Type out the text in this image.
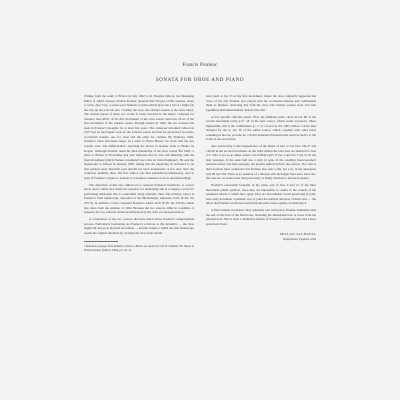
Francis Poulenc
SONATA FOR OBOE AND PIANO

Writing from the south of France in July 1962 to R. Douglas Gibson, the Managing Editor of J.&W. Chester, Francis Poulenc reported that 'I'm just a trifle anxious, about to write, dare I say, a sonata pour hautbois et piano which gives me a bit of a fright (on the way up the pole I'm also 'cooking' the oboe and clarinet sonatas at the same time)'. The desired pieces of these two works is easily detected in the music: company for instance, here #8.51 of the first movement of the oboe sonata with bars 18-41 of the first movement of the clarinet sonata. Though written in 1962, the two sonatas had been in Poulenc's thoughts for at least five years. The composer informed Gibson in 1957 that he had begun work on the bassoon sonata and that he envisioned two more woodwind sonatas, one for oboe and the other for clarinet. By February 1962, Poulenc's ideas had taken shape. In a letter to Pierre Bernac, he wrote that the two sonatas were 'très différenciées', depicting the places in another letter to Benno its Kogan: 'Although Poulenc dated the final manuscript of the oboe sonata 'Été 1962', a letter to Bernac in November that year indicates that he was still tinkering with the final movement (which Poulenc considered 'one come de chant liturgique'). He sent the manuscript to Gibson in January 1963, asking that the engraving be entrusted to 'an first greatest away musicien pour devenir les notes dorénavant'. A few days later, the composer suddenly died. The first edition was thus published posthumously, and, in spite of Poulenc's request to Gibson, it contained a number of errors and misreadings.

The objectives of this new edition are to reassess Poulenc's intentions, to correct errors and to refine and clarify the notation, for underlying aim is to supply a score for performing musicians that is constrained along scholarly lines. The primary source is Poulenc's final manuscript, deposited at the Bibliothèque nationale, Paris (F-Pn: ms 23573). In addition, I have consulted Poulenc's earlier draft (F-Pn: ms 23574), which also dates from the summer of 1962. Because the two sources differ in a number of respects, the few editorial decisions influenced by the draft are discussed below.

A comparison of the two sources discloses much about Poulenc's compositional process. Particularly fascinating are Poulenc's revisions to the dynamics — the oboe begins mf and pp in the final movement — and the extent to which the later manuscript assists the original intention by carrying the oboe from certain

¹ Reference passages from Poulenc's letters to Bernac are quoted in Carl B. Schmidt, The Music of Francis Poulenc (Oxford, 1995), pp. 511-12.

bars (such as bar 25 in the first movement, where the oboe originally supported the voice of bar 20). Poulenc also played with the woodwind textures and commanded them to flutterer, observing that both the oboe and clarinet sonatas were 'très loin (qualifiés) instrumentalement. Pensez très clair'.

A few specific editorial points. First, the fishhand piano chord in bar 68 of the second movement reads g'-d'', a#' in the later source, which seems erroneous. More implausible still is the combination g', c'' of octaval in the 1963 edition. I have thus changed for the g', a#', f#' of the earlier source, which, together with other notes sounding in the bar, provide for a B-flat dominant thirteenth that resolves neatly to the E-flat in the second bar.

Also noteworthy is the reappearance of the music of bars 2-3 in bars 136-37 and 140-46 in the second movement. In the 1963 edition the later bars are identical to bars 2-3. This is not so in either source: the lefthand g#'s of bar 2 and bar 3 are b's in the later passages. It the same half has a sixty in spite of the resulting 'unaccustomed' between earlier and later passages, the present edition follows the sources. Not only is their notation have connected, but Poulenc also uses a-flat, not a b), in the analogous bars 89 and 182. There is no question of a misstep with the ledger lines here, since the-flat tone are on notes lower than previously, is firmly attached to the harsh texture.

Poulenc's reasonable footprint in the piano part of bars 9 and 15 of the third movement (small symbols, since they are impossible to realize in the context of the sustained chords to which they apply. They are nevertheless worth preserving in print, since they document a pianistic way to point the musical direction of these bars — the effect that Poulenc would have heard had the piano been capable of achieving it.

A final remark on phrases: they ordinarily end with notes; Poulenc habitually ends the slur on the first of the final notes, including the subsequent note or notes from the phrased note. This is such a distinctive feature of Poulenc's notational style that I have preserved it here.

MILLAN SACHANIA
Stoppenham, England, 2004
